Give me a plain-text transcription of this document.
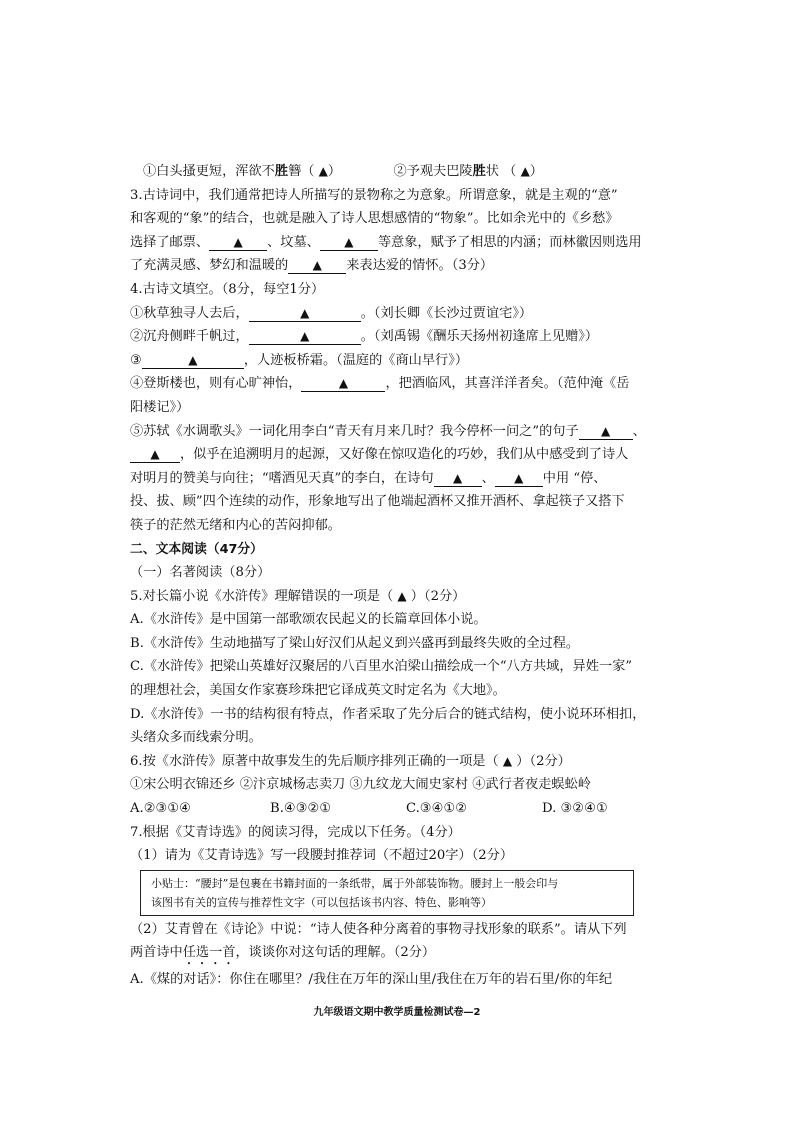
①白头搔更短，浑欲不胜簪（ ▲）	②予观夫巴陵胜状 （ ▲）
3.古诗词中，我们通常把诗人所描写的景物称之为意象。所谓意象，就是主观的“意”
和客观的“象”的结合，也就是融入了诗人思想感情的“物象”。比如余光中的《乡愁》
选择了邮票、 ▲ 、坟墓、 ▲ 等意象，赋予了相思的内涵；而林徽因则选用
了充满灵感、梦幻和温暖的 ▲ 来表达爱的情怀。（3分）
4.古诗文填空。（8分，每空1分）
①秋草独寻人去后，	▲	。（刘长卿《长沙过贾谊宅》）
②沉舟侧畔千帆过，	▲	。（刘禹锡《酬乐天扬州初逢席上见赠》）
③	▲	，人迹板桥霜。（温庭的《商山早行》）
④登斯楼也，则有心旷神怡，	▲	，把酒临风，其喜洋洋者矣。（范仲淹《岳
阳楼记》）
⑤苏轼《水调歌头》一词化用李白“青天有月来几时？我今停杯一问之”的句子 ▲ 、
▲ ，似乎在追溯明月的起源，又好像在惊叹造化的巧妙，我们从中感受到了诗人
对明月的赞美与向往；“嗜酒见天真”的李白，在诗句 ▲ 、 ▲ 中用 “停、
投、拔、顾”四个连续的动作，形象地写出了他端起酒杯又推开酒杯、拿起筷子又搭下
筷子的茫然无绪和内心的苦闷抑郁。
二、文本阅读（47分）
（一）名著阅读（8分）
5.对长篇小说《水浒传》理解错误的一项是（ ▲ ）（2分）
A.《水浒传》是中国第一部歌颂农民起义的长篇章回体小说。
B.《水浒传》生动地描写了梁山好汉们从起义到兴盛再到最终失败的全过程。
C.《水浒传》把梁山英雄好汉聚居的八百里水泊梁山描绘成一个“八方共域，异姓一家”
的理想社会，美国女作家赛珍珠把它译成英文时定名为《大地》。
D.《水浒传》一书的结构很有特点，作者采取了先分后合的链式结构，使小说环环相扣，
头绪众多而线索分明。
6.按《水浒传》原著中故事发生的先后顺序排列正确的一项是（ ▲ ）（2分）
①宋公明衣锦还乡 ②汴京城杨志卖刀 ③九纹龙大闹史家村 ④武行者夜走蜈蚣岭
A.②③①④	B.④③②①	C.③④①②	D. ③②④①
7.根据《艾青诗选》的阅读习得，完成以下任务。（4分）
（1）请为《艾青诗选》写一段腰封推荐词（不超过20字）（2分）
小贴士：“腰封”是包裹在书籍封面的一条纸带，属于外部装饰物。腰封上一般会印与
该图书有关的宣传与推荐性文字（可以包括该书内容、特色、影响等）
（2）艾青曾在《诗论》中说：“诗人使各种分离着的事物寻找形象的联系”。请从下列
两首诗中任选一首，谈谈你对这句话的理解。（2分）
A.《煤的对话》：你住在哪里？/我住在万年的深山里/我住在万年的岩石里/你的年纪
九年级语文期中教学质量检测试卷—2
